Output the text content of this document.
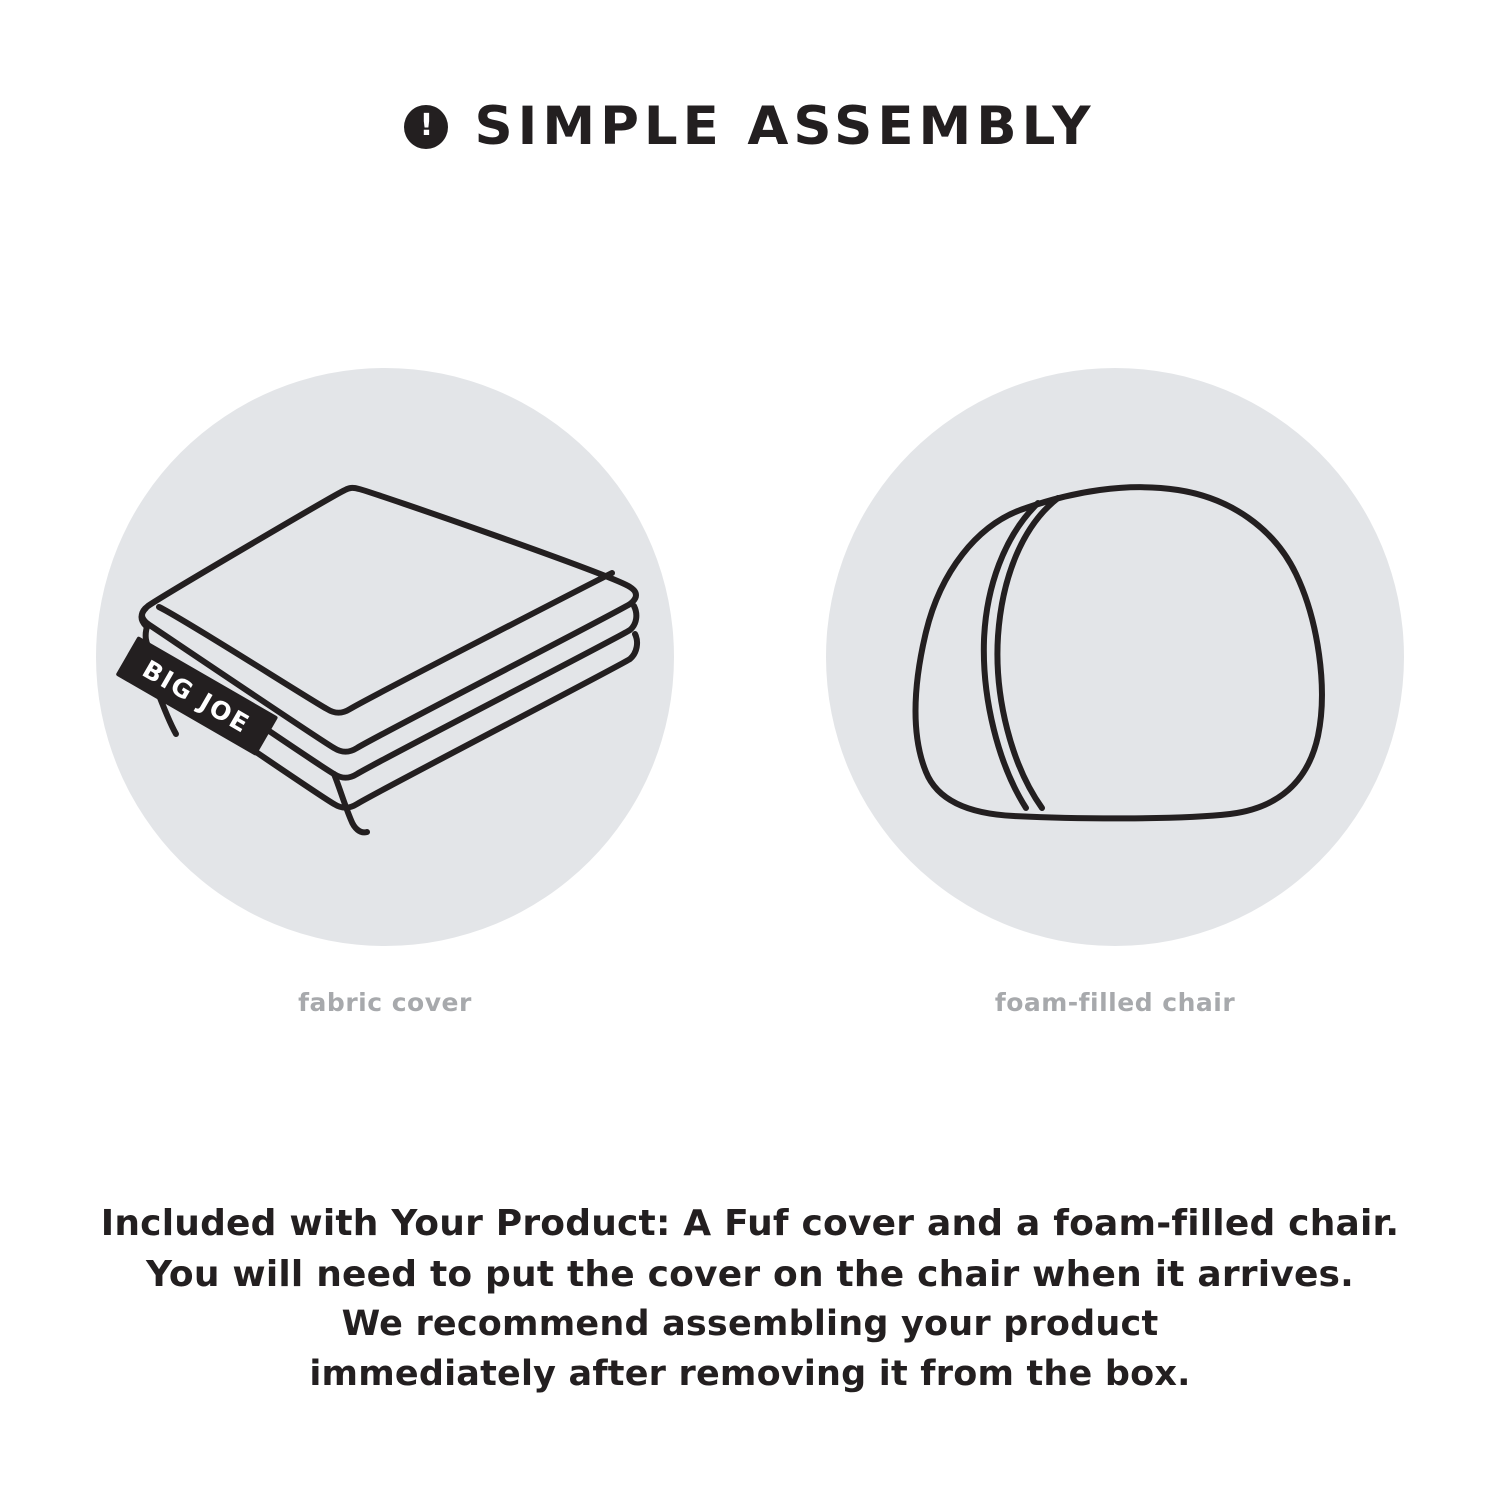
! SIMPLE ASSEMBLY
BIG JOE
fabric cover	foam-filled chair
Included with Your Product: A Fuf cover and a foam-filled chair.
You will need to put the cover on the chair when it arrives.
We recommend assembling your product
immediately after removing it from the box.
